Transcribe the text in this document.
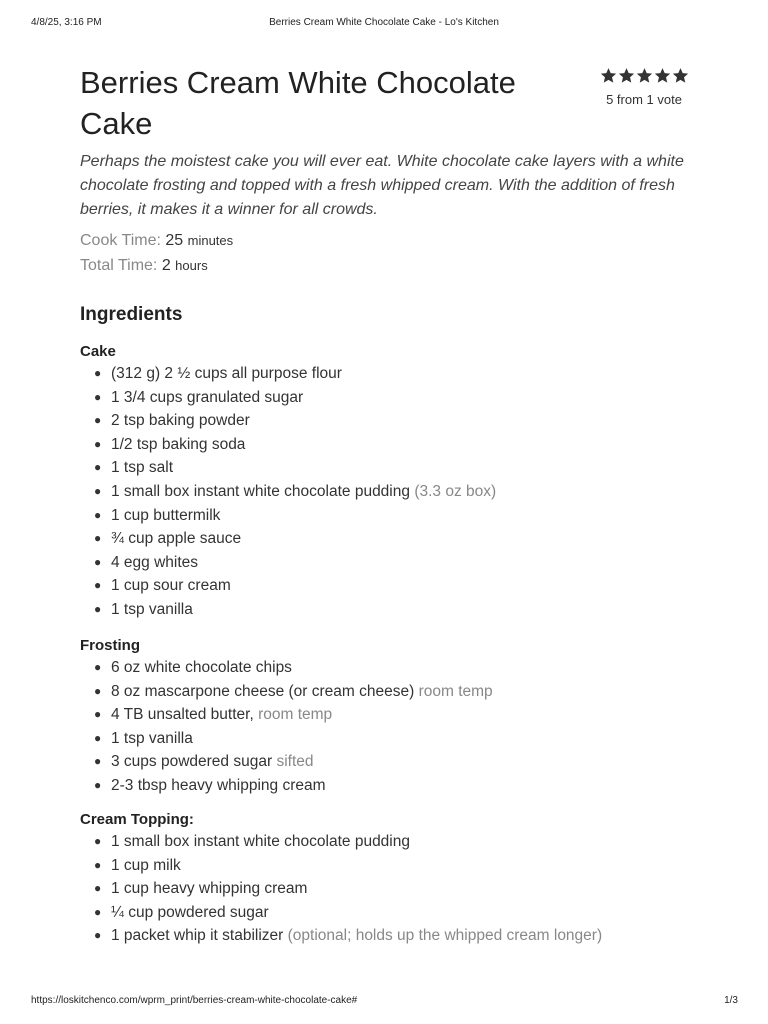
4/8/25, 3:16 PM	Berries Cream White Chocolate Cake - Lo's Kitchen
Berries Cream White Chocolate Cake
5 from 1 vote

Perhaps the moistest cake you will ever eat. White chocolate cake layers with a white chocolate frosting and topped with a fresh whipped cream. With the addition of fresh berries, it makes it a winner for all crowds.

Cook Time: 25 minutes
Total Time: 2 hours
Ingredients
Cake
● (312 g) 2 ½ cups all purpose flour
● 1 3/4 cups granulated sugar
● 2 tsp baking powder
● 1/2 tsp baking soda
● 1 tsp salt
● 1 small box instant white chocolate pudding (3.3 oz box)
● 1 cup buttermilk
● ¾ cup apple sauce
● 4 egg whites
● 1 cup sour cream
● 1 tsp vanilla
Frosting
● 6 oz white chocolate chips
● 8 oz mascarpone cheese (or cream cheese) room temp
● 4 TB unsalted butter, room temp
● 1 tsp vanilla
● 3 cups powdered sugar sifted
● 2-3 tbsp heavy whipping cream
Cream Topping:
● 1 small box instant white chocolate pudding
● 1 cup milk
● 1 cup heavy whipping cream
● ¼ cup powdered sugar
● 1 packet whip it stabilizer (optional; holds up the whipped cream longer)
https://loskitchenco.com/wprm_print/berries-cream-white-chocolate-cake#	1/3
